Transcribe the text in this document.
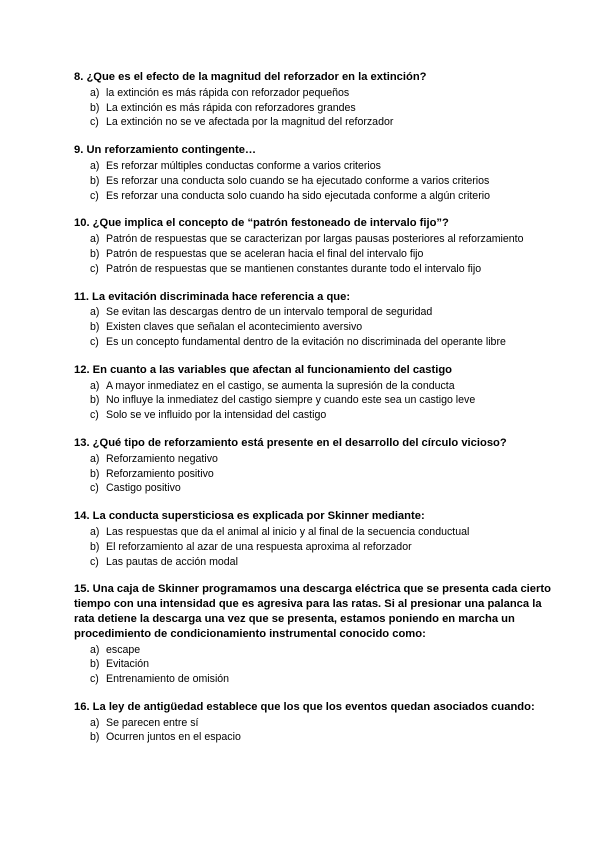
8. ¿Que es el efecto de la magnitud del reforzador en la extinción?

a) la extinción es más rápida con reforzador pequeños
b) La extinción es más rápida con reforzadores grandes
c) La extinción no se ve afectada por la magnitud del reforzador

9. Un reforzamiento contingente…

a) Es reforzar múltiples conductas conforme a varios criterios
b) Es reforzar una conducta solo cuando se ha ejecutado conforme a varios criterios
c) Es reforzar una conducta solo cuando ha sido ejecutada conforme a algún criterio

10. ¿Que implica el concepto de “patrón festoneado de intervalo fijo”?

a) Patrón de respuestas que se caracterizan por largas pausas posteriores al reforzamiento
b) Patrón de respuestas que se aceleran hacia el final del intervalo fijo
c) Patrón de respuestas que se mantienen constantes durante todo el intervalo fijo

11. La evitación discriminada hace referencia a que:

a) Se evitan las descargas dentro de un intervalo temporal de seguridad
b) Existen claves que señalan el acontecimiento aversivo
c) Es un concepto fundamental dentro de la evitación no discriminada del operante libre

12. En cuanto a las variables que afectan al funcionamiento del castigo

a) A mayor inmediatez en el castigo, se aumenta la supresión de la conducta
b) No influye la inmediatez del castigo siempre y cuando este sea un castigo leve
c) Solo se ve influido por la intensidad del castigo

13. ¿Qué tipo de reforzamiento está presente en el desarrollo del círculo vicioso?

a) Reforzamiento negativo
b) Reforzamiento positivo
c) Castigo positivo

14. La conducta supersticiosa es explicada por Skinner mediante:

a) Las respuestas que da el animal al inicio y al final de la secuencia conductual
b) El reforzamiento al azar de una respuesta aproxima al reforzador
c) Las pautas de acción modal

15. Una caja de Skinner programamos una descarga eléctrica que se presenta cada cierto tiempo con una intensidad que es agresiva para las ratas. Si al presionar una palanca la rata detiene la descarga una vez que se presenta, estamos poniendo en marcha un procedimiento de condicionamiento instrumental conocido como:

a) escape
b) Evitación
c) Entrenamiento de omisión

16. La ley de antigüedad establece que los que los eventos quedan asociados cuando:

a) Se parecen entre sí
b) Ocurren juntos en el espacio
